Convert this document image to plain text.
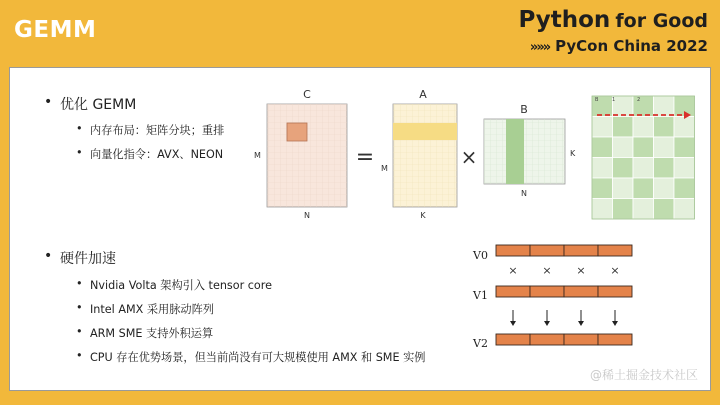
GEMM	Python for Good
»»» PyCon China 2022
• 优化 GEMM
• 内存布局：矩阵分块；重排
• 向量化指令：AVX、NEON
• 硬件加速
• Nvidia Volta 架构引入 tensor core
• Intel AMX 采用脉动阵列
• ARM SME 支持外积运算
• CPU 存在优势场景，但当前尚没有可大规模使用 AMX 和 SME 实例
C
M
N
=
A
M
K
×
B
K
N
B	1	2
V0
V1
V2
× × × ×
@稀土掘金技术社区
